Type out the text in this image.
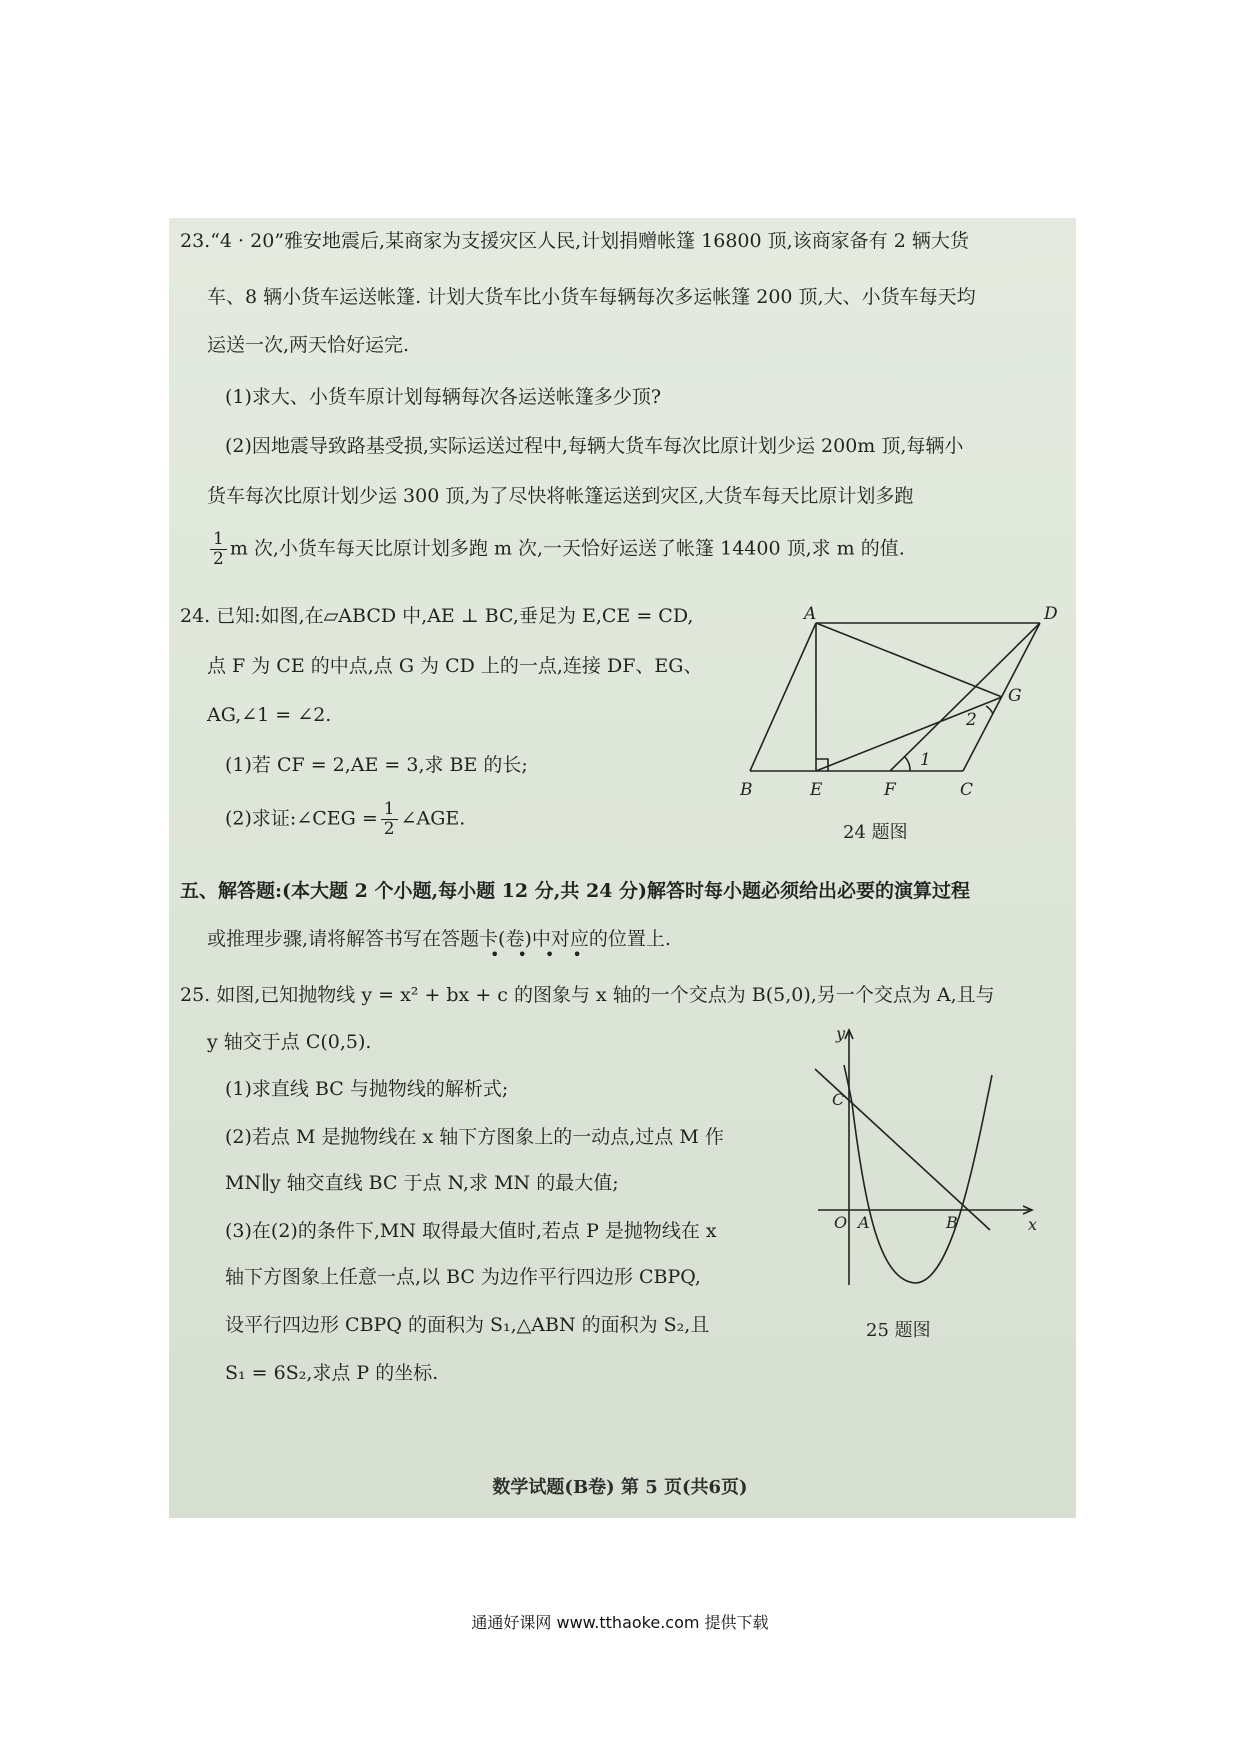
23.“4 · 20”雅安地震后,某商家为支援灾区人民,计划捐赠帐篷 16800 顶,该商家备有 2 辆大货
车、8 辆小货车运送帐篷. 计划大货车比小货车每辆每次多运帐篷 200 顶,大、小货车每天均
运送一次,两天恰好运完.
(1)求大、小货车原计划每辆每次各运送帐篷多少顶?
(2)因地震导致路基受损,实际运送过程中,每辆大货车每次比原计划少运 200m 顶,每辆小
货车每次比原计划少运 300 顶,为了尽快将帐篷运送到灾区,大货车每天比原计划多跑
$\frac{1}{2}$ m 次,小货车每天比原计划多跑 m 次,一天恰好运送了帐篷 14400 顶,求 m 的值.
24. 已知:如图,在▱ABCD 中,AE ⊥ BC,垂足为 E,CE = CD,
点 F 为 CE 的中点,点 G 为 CD 上的一点,连接 DF、EG、
AG,∠1 = ∠2.
(1)若 CF = 2,AE = 3,求 BE 的长;
(2)求证:∠CEG = $\frac{1}{2}$ ∠AGE.
A	D
G
B	E	F	C
1
2
24 题图
五、解答题:(本大题 2 个小题,每小题 12 分,共 24 分)解答时每小题必须给出必要的演算过程
或推理步骤,请将解答书写在答题卡(卷)中对应的位置上.
••••
25. 如图,已知抛物线 y = x² + bx + c 的图象与 x 轴的一个交点为 B(5,0),另一个交点为 A,且与
y 轴交于点 C(0,5).
(1)求直线 BC 与抛物线的解析式;
(2)若点 M 是抛物线在 x 轴下方图象上的一动点,过点 M 作
MN∥y 轴交直线 BC 于点 N,求 MN 的最大值;
(3)在(2)的条件下,MN 取得最大值时,若点 P 是抛物线在 x
轴下方图象上任意一点,以 BC 为边作平行四边形 CBPQ,
设平行四边形 CBPQ 的面积为 S₁,△ABN 的面积为 S₂,且
S₁ = 6S₂,求点 P 的坐标.
y
x
C
O A	B
25 题图
数学试题(B卷) 第 5 页(共6页)
通通好课网 www.tthaoke.com 提供下载
